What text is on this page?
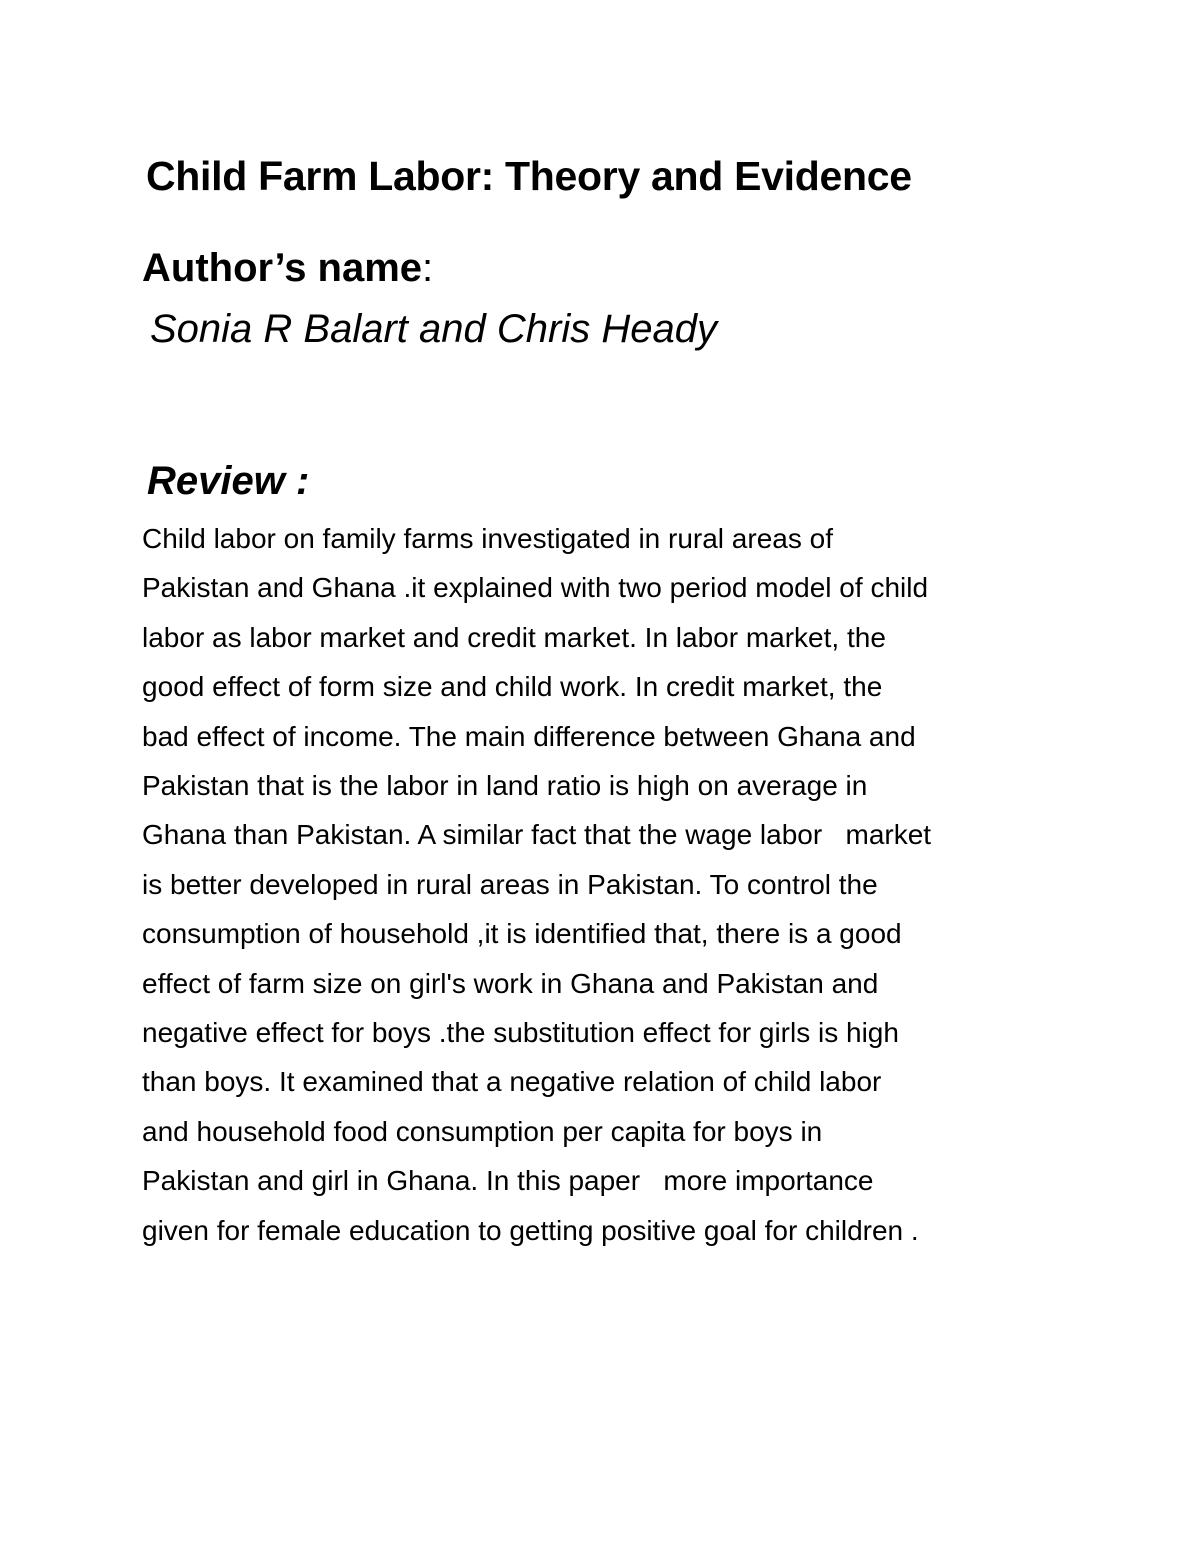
Child Farm Labor: Theory and Evidence

Author’s name:

Sonia R Balart and Chris Heady

Review :
Child labor on family farms investigated in rural areas of
Pakistan and Ghana .it explained with two period model of child
labor as labor market and credit market. In labor market, the
good effect of form size and child work. In credit market, the
bad effect of income. The main difference between Ghana and
Pakistan that is the labor in land ratio is high on average in
Ghana than Pakistan. A similar fact that the wage labor   market
is better developed in rural areas in Pakistan. To control the
consumption of household ,it is identified that, there is a good
effect of farm size on girl's work in Ghana and Pakistan and
negative effect for boys .the substitution effect for girls is high
than boys. It examined that a negative relation of child labor
and household food consumption per capita for boys in
Pakistan and girl in Ghana. In this paper   more importance
given for female education to getting positive goal for children .
